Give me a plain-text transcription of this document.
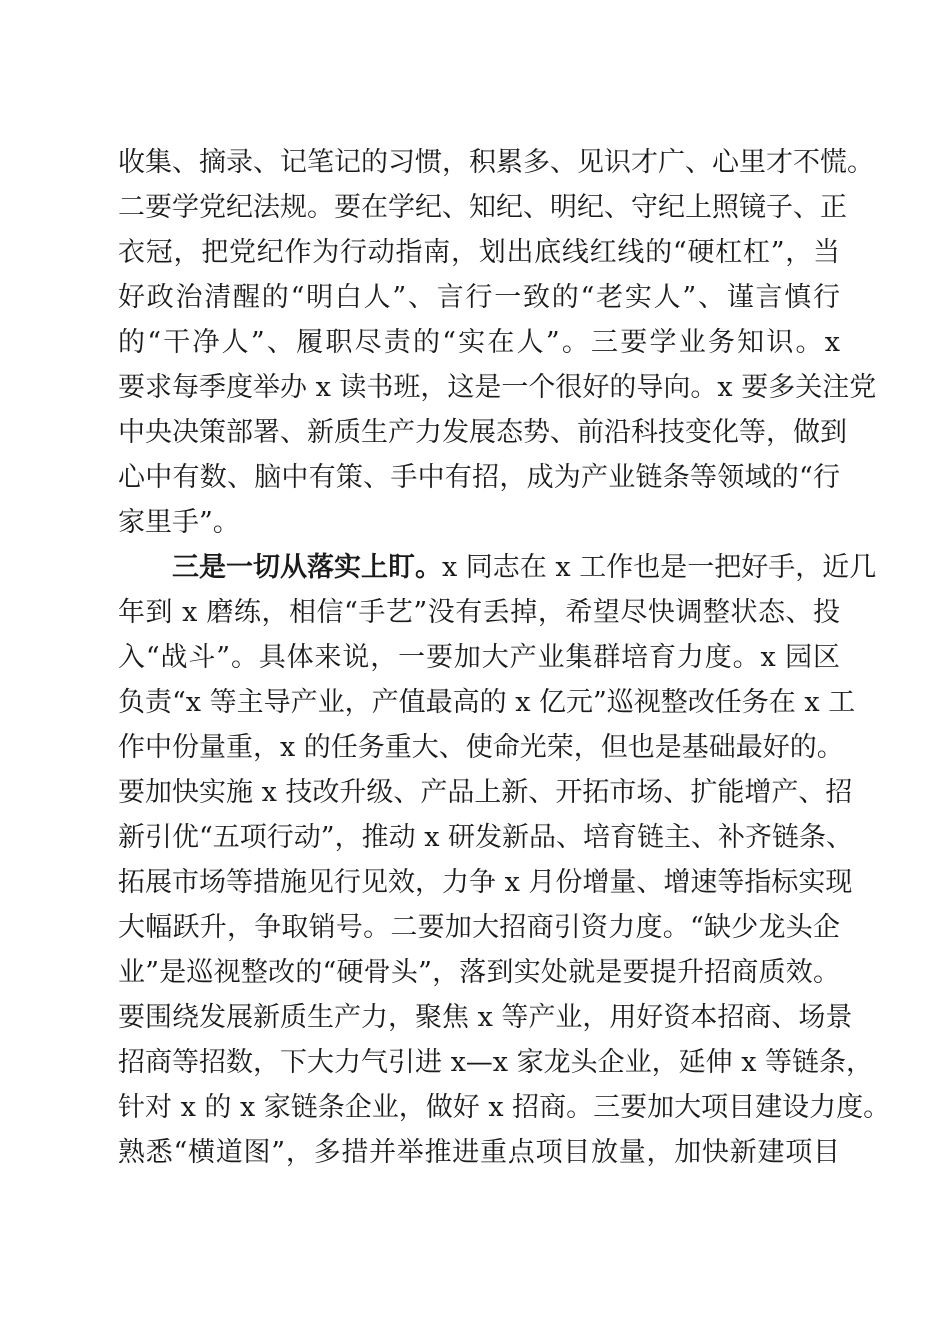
收集、摘录、记笔记的习惯，积累多、见识才广、心里才不慌。
二要学党纪法规。要在学纪、知纪、明纪、守纪上照镜子、正
衣冠，把党纪作为行动指南，划出底线红线的“硬杠杠”，当
好政治清醒的“明白人”、言行一致的“老实人”、谨言慎行
的“干净人”、履职尽责的“实在人”。三要学业务知识。x
要求每季度举办 x 读书班，这是一个很好的导向。x 要多关注党
中央决策部署、新质生产力发展态势、前沿科技变化等，做到
心中有数、脑中有策、手中有招，成为产业链条等领域的“行
家里手”。
三是一切从落实上盯。x 同志在 x 工作也是一把好手，近几
年到 x 磨练，相信“手艺”没有丢掉，希望尽快调整状态、投
入“战斗”。具体来说，一要加大产业集群培育力度。x 园区
负责“x 等主导产业，产值最高的 x 亿元”巡视整改任务在 x 工
作中份量重，x 的任务重大、使命光荣，但也是基础最好的。
要加快实施 x 技改升级、产品上新、开拓市场、扩能增产、招
新引优“五项行动”，推动 x 研发新品、培育链主、补齐链条、
拓展市场等措施见行见效，力争 x 月份增量、增速等指标实现
大幅跃升，争取销号。二要加大招商引资力度。“缺少龙头企
业”是巡视整改的“硬骨头”，落到实处就是要提升招商质效。
要围绕发展新质生产力，聚焦 x 等产业，用好资本招商、场景
招商等招数，下大力气引进 x—x 家龙头企业，延伸 x 等链条，
针对 x 的 x 家链条企业，做好 x 招商。三要加大项目建设力度。
熟悉“横道图”，多措并举推进重点项目放量，加快新建项目
